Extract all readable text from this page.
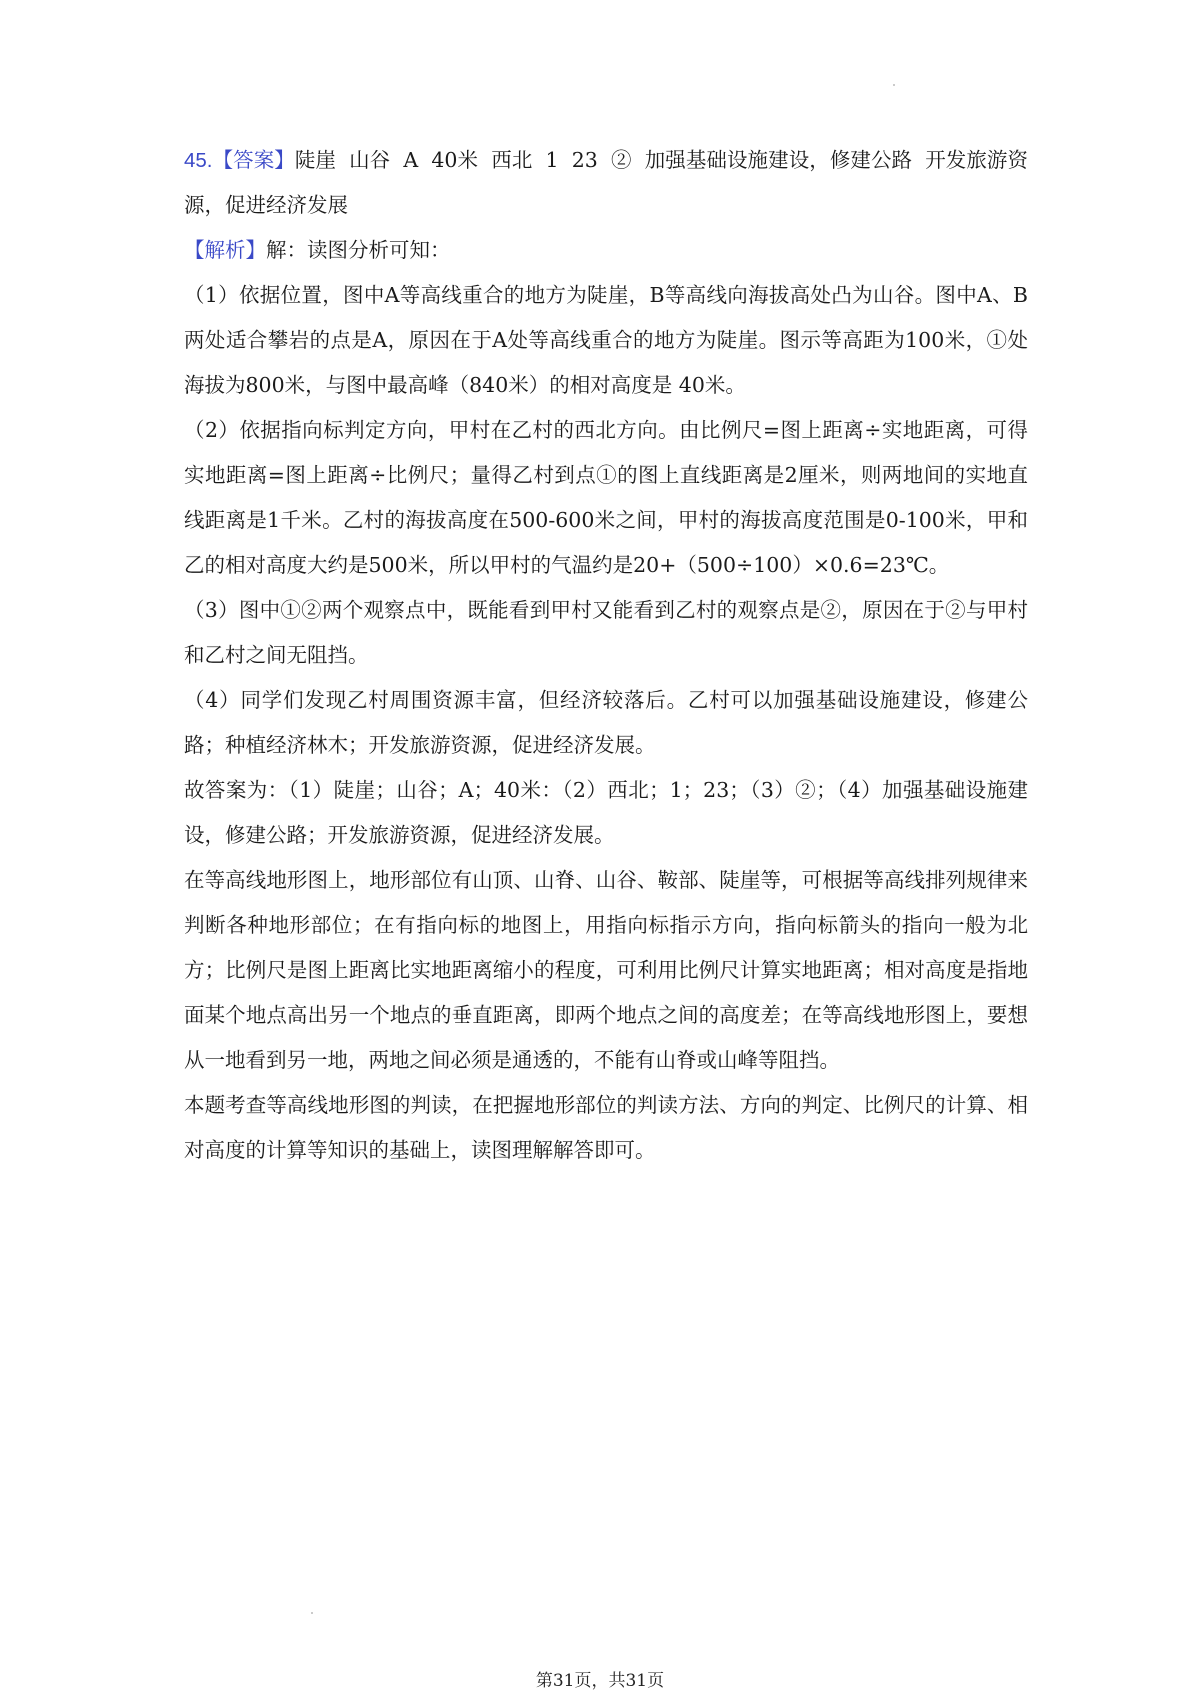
45.【答案】陡崖  山谷  A  40米  西北  1  23  ②  加强基础设施建设，修建公路  开发旅游资源，促进经济发展

【解析】解：读图分析可知：

（1）依据位置，图中A等高线重合的地方为陡崖，B等高线向海拔高处凸为山谷。图中A、B两处适合攀岩的点是A，原因在于A处等高线重合的地方为陡崖。图示等高距为100米，①处海拔为800米，与图中最高峰（840米）的相对高度是 40米。

（2）依据指向标判定方向，甲村在乙村的西北方向。由比例尺=图上距离÷实地距离，可得实地距离=图上距离÷比例尺；量得乙村到点①的图上直线距离是2厘米，则两地间的实地直线距离是1千米。乙村的海拔高度在500-600米之间，甲村的海拔高度范围是0-100米，甲和乙的相对高度大约是500米，所以甲村的气温约是20+（500÷100）×0.6=23℃。

（3）图中①②两个观察点中，既能看到甲村又能看到乙村的观察点是②，原因在于②与甲村和乙村之间无阻挡。

（4）同学们发现乙村周围资源丰富，但经济较落后。乙村可以加强基础设施建设，修建公路；种植经济林木；开发旅游资源，促进经济发展。

故答案为：（1）陡崖；山谷；A；40米：（2）西北；1；23；（3）②；（4）加强基础设施建设，修建公路；开发旅游资源，促进经济发展。

在等高线地形图上，地形部位有山顶、山脊、山谷、鞍部、陡崖等，可根据等高线排列规律来判断各种地形部位；在有指向标的地图上，用指向标指示方向，指向标箭头的指向一般为北方；比例尺是图上距离比实地距离缩小的程度，可利用比例尺计算实地距离；相对高度是指地面某个地点高出另一个地点的垂直距离，即两个地点之间的高度差；在等高线地形图上，要想从一地看到另一地，两地之间必须是通透的，不能有山脊或山峰等阻挡。

本题考查等高线地形图的判读，在把握地形部位的判读方法、方向的判定、比例尺的计算、相对高度的计算等知识的基础上，读图理解解答即可。

第31页，共31页
